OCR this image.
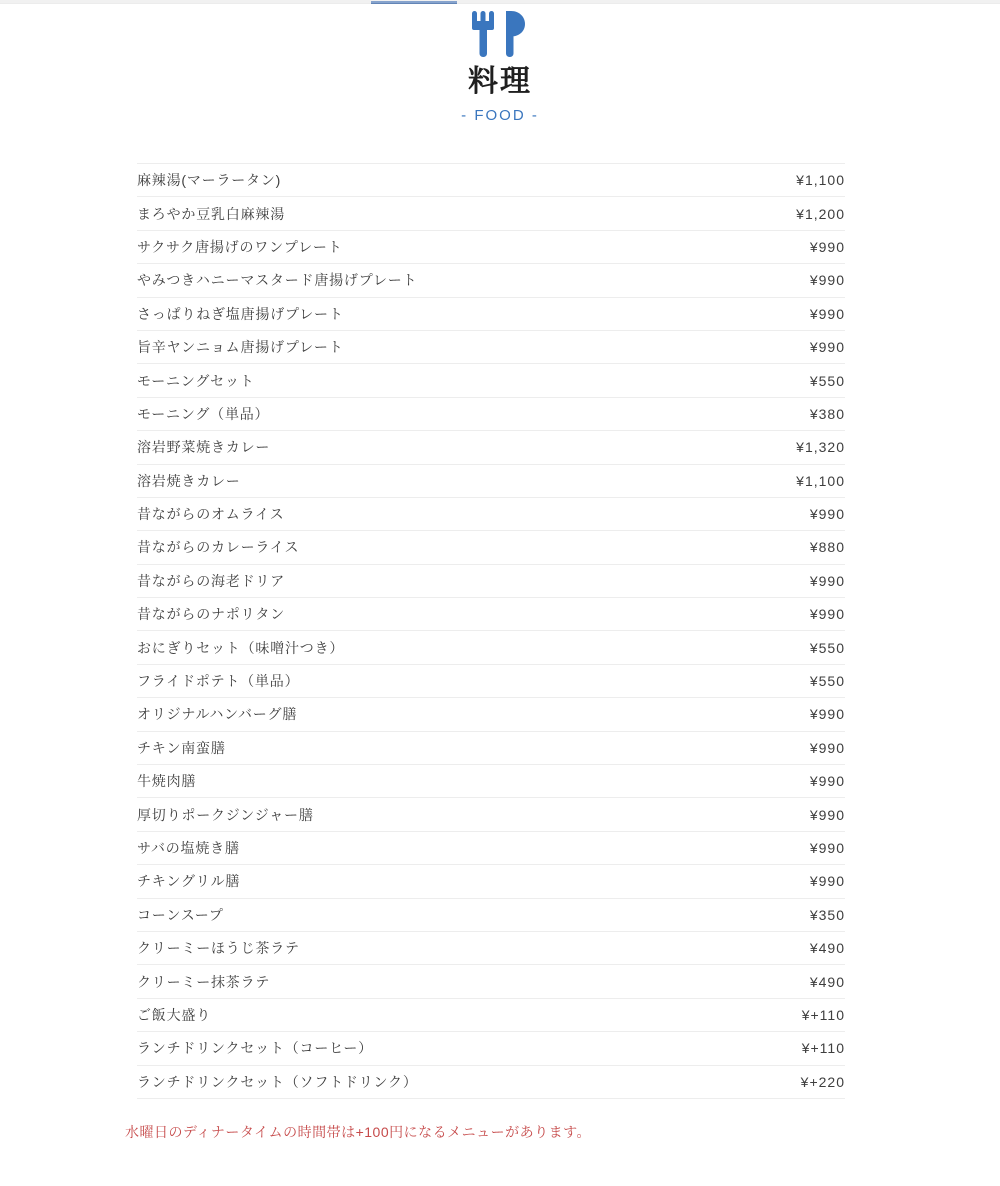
料理
- FOOD -
麻辣湯(マーラータン)	¥1,100
まろやか豆乳白麻辣湯	¥1,200
サクサク唐揚げのワンプレート	¥990
やみつきハニーマスタード唐揚げプレート	¥990
さっぱりねぎ塩唐揚げプレート	¥990
旨辛ヤンニョム唐揚げプレート	¥990
モーニングセット	¥550
モーニング（単品）	¥380
溶岩野菜焼きカレー	¥1,320
溶岩焼きカレー	¥1,100
昔ながらのオムライス	¥990
昔ながらのカレーライス	¥880
昔ながらの海老ドリア	¥990
昔ながらのナポリタン	¥990
おにぎりセット（味噌汁つき）	¥550
フライドポテト（単品）	¥550
オリジナルハンバーグ膳	¥990
チキン南蛮膳	¥990
牛焼肉膳	¥990
厚切りポークジンジャー膳	¥990
サバの塩焼き膳	¥990
チキングリル膳	¥990
コーンスープ	¥350
クリーミーほうじ茶ラテ	¥490
クリーミー抹茶ラテ	¥490
ご飯大盛り	¥+110
ランチドリンクセット（コーヒー）	¥+110
ランチドリンクセット（ソフトドリンク）	¥+220

水曜日のディナータイムの時間帯は+100円になるメニューがあります。
